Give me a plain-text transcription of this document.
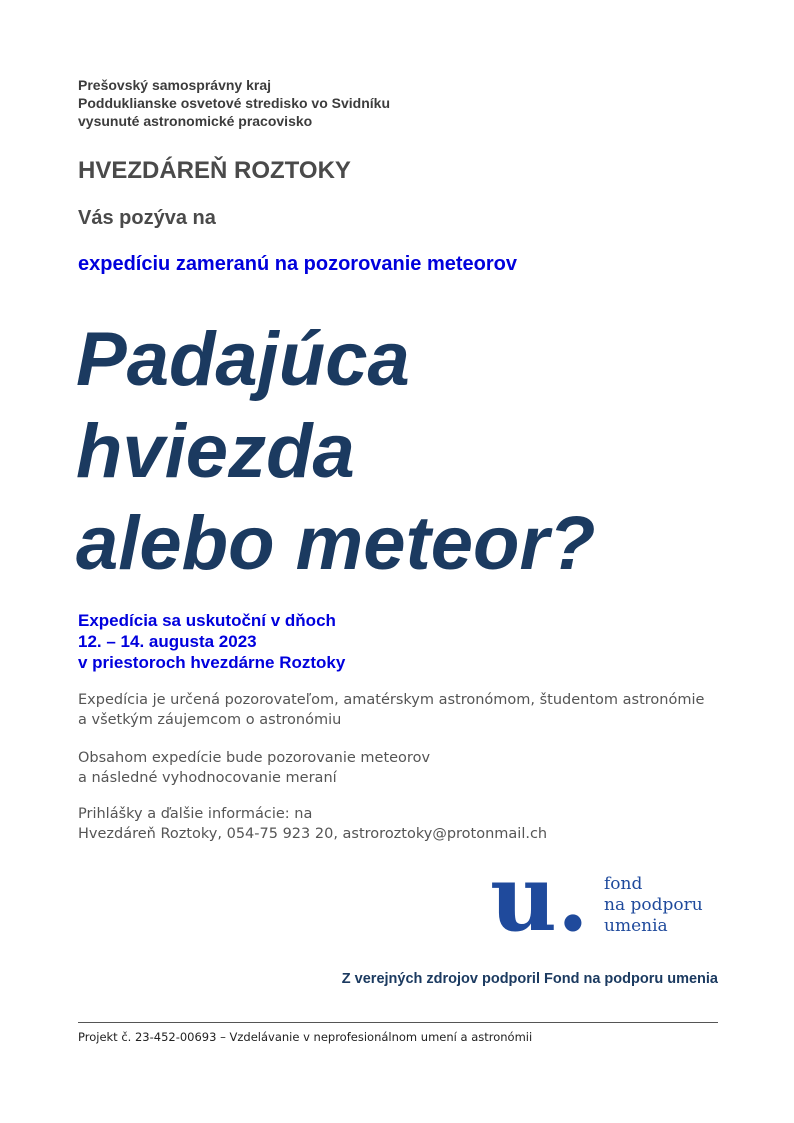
Prešovský samosprávny kraj
Podduklianske osvetové stredisko vo Svidníku
vysunuté astronomické pracovisko
HVEZDÁREŇ ROZTOKY
Vás pozýva na
expedíciu zameranú na pozorovanie meteorov
Padajúca
hviezda
alebo meteor?
Expedícia sa uskutoční v dňoch
12. – 14. augusta 2023
v priestoroch hvezdárne Roztoky
Expedícia je určená pozorovateľom, amatérskym astronómom, študentom astronómie
a všetkým záujemcom o astronómiu
Obsahom expedície bude pozorovanie meteorov
a následné vyhodnocovanie meraní
Prihlášky a ďalšie informácie: na
Hvezdáreň Roztoky, 054-75 923 20, astroroztoky@protonmail.ch
u. fond
na podporu
umenia
Z verejných zdrojov podporil Fond na podporu umenia
Projekt č. 23-452-00693 – Vzdelávanie v neprofesionálnom umení a astronómii
